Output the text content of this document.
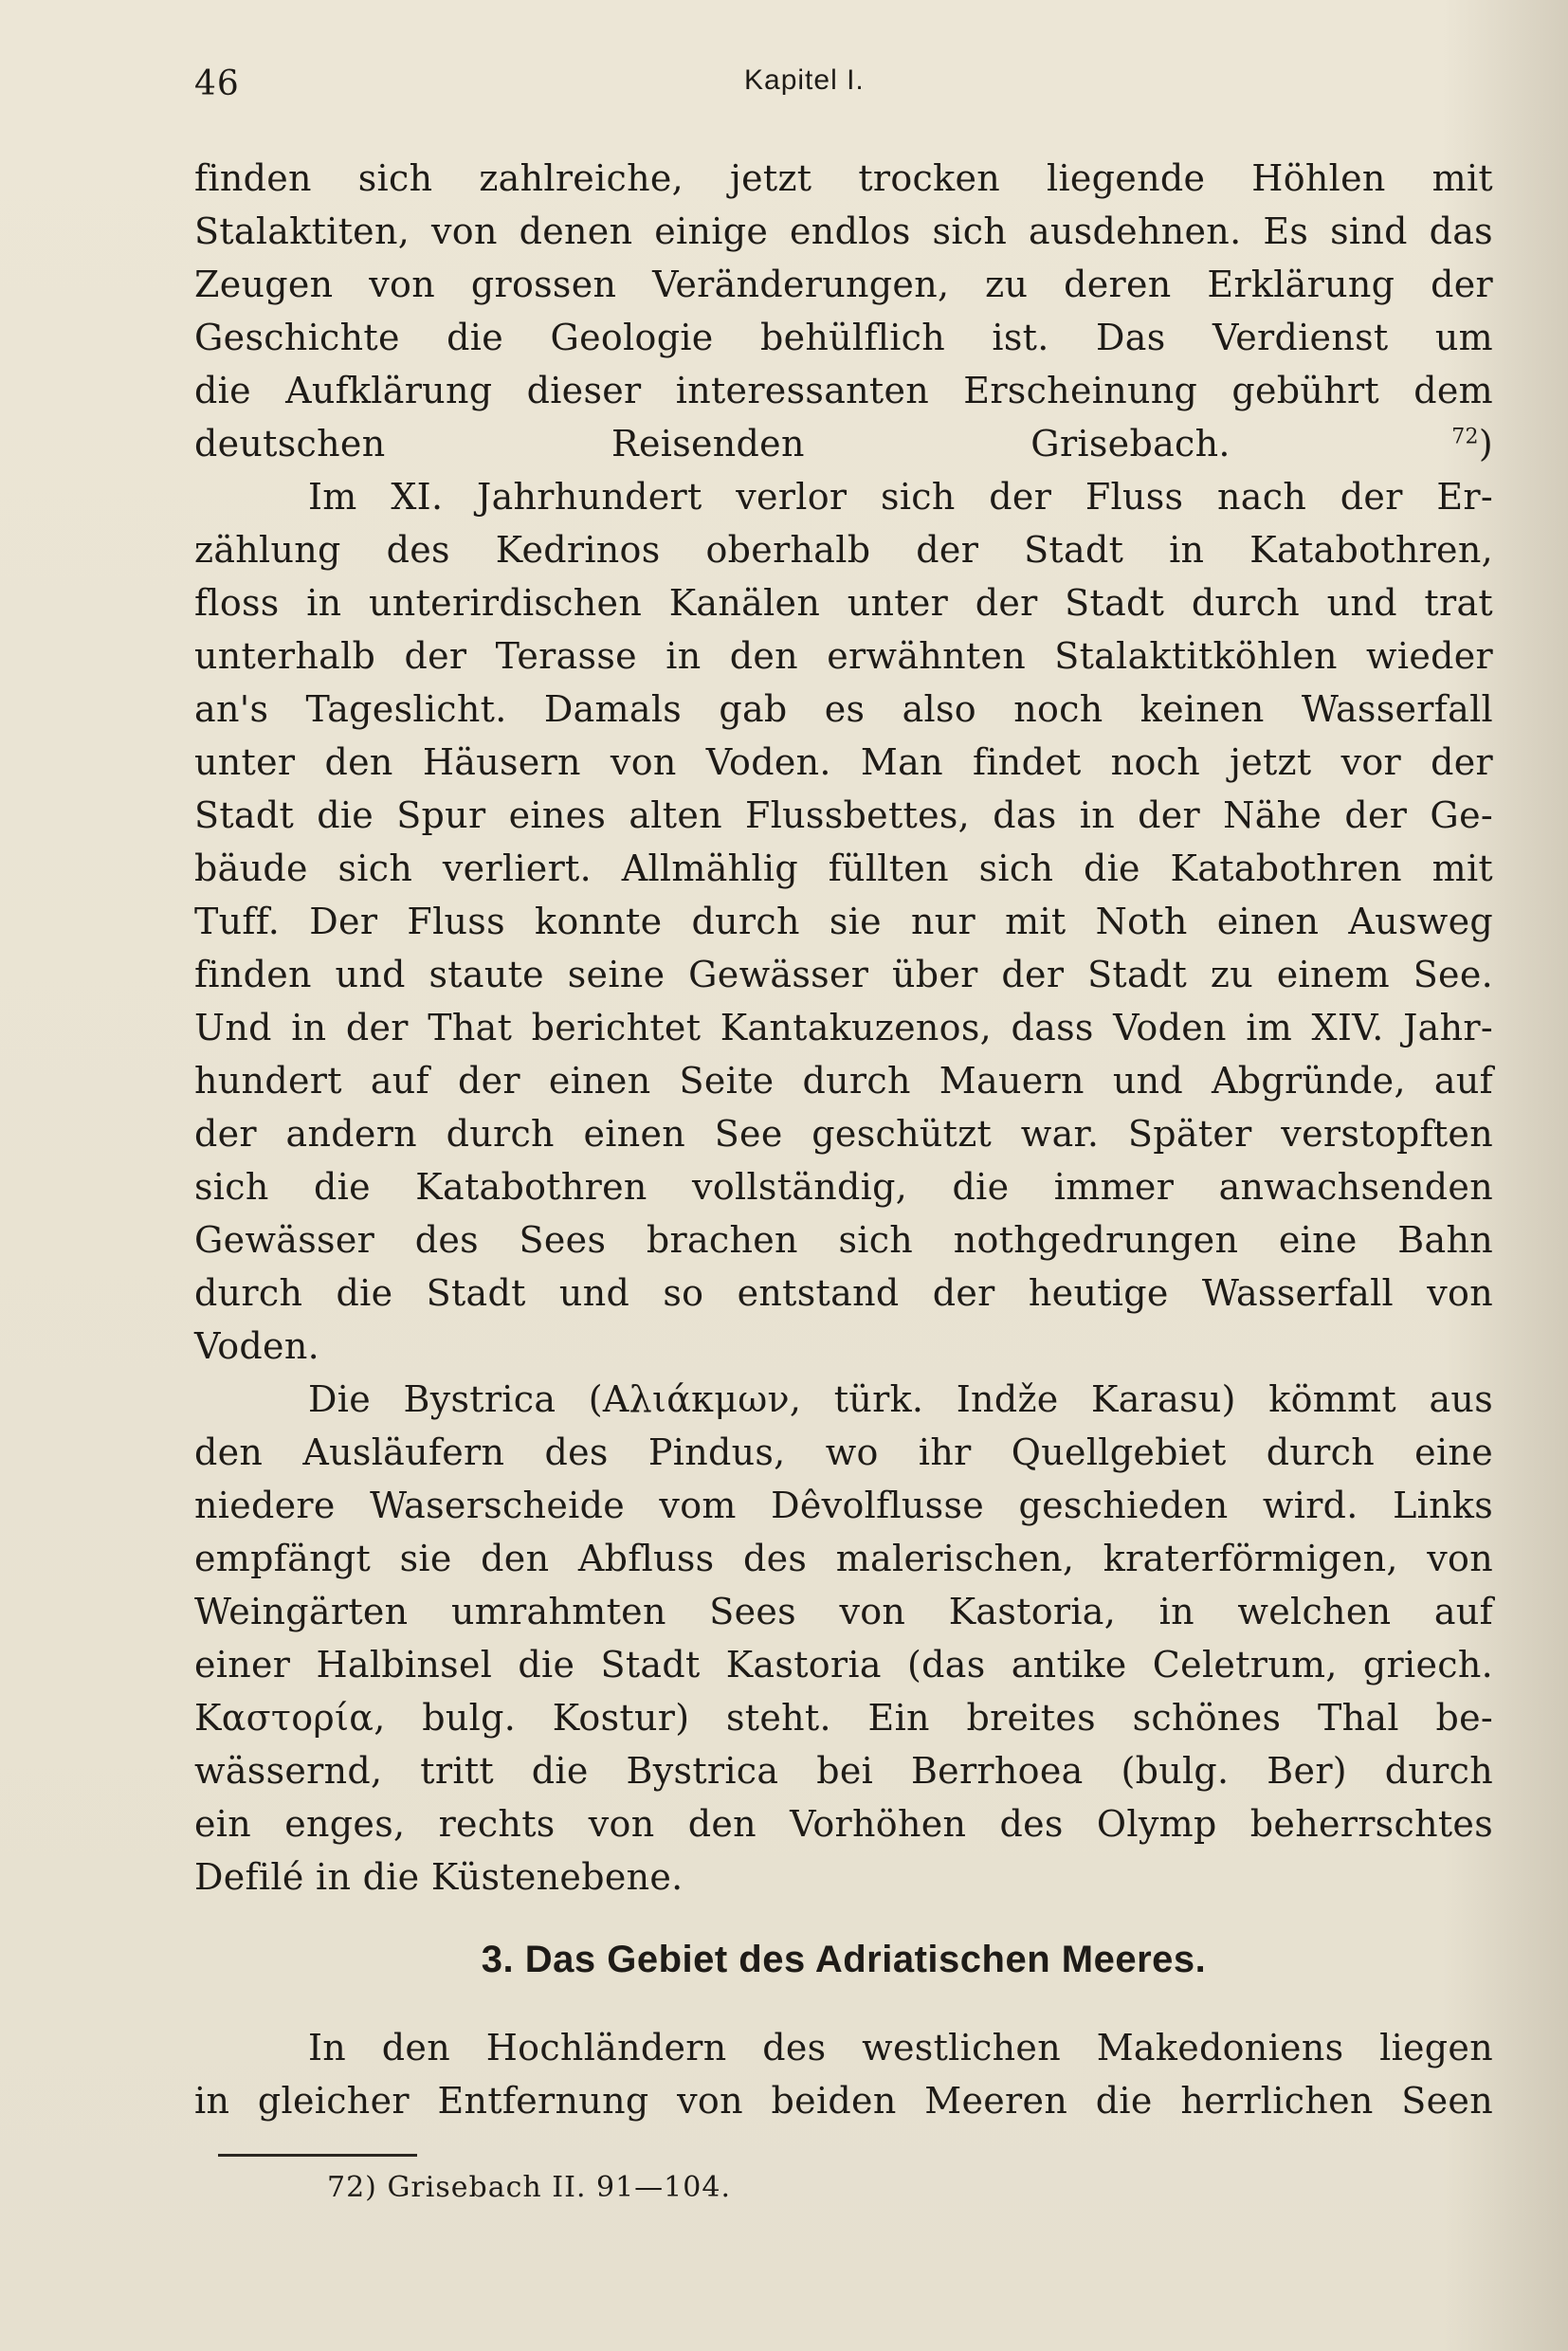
46	Kapitel I.
finden sich zahlreiche, jetzt trocken liegende Höhlen mit
Stalaktiten, von denen einige endlos sich ausdehnen. Es sind das
Zeugen von grossen Veränderungen, zu deren Erklärung der
Geschichte die Geologie behülflich ist. Das Verdienst um
die Aufklärung dieser interessanten Erscheinung gebührt dem
deutschen Reisenden Grisebach. $^{72}$)
Im XI. Jahrhundert verlor sich der Fluss nach der Er-
zählung des Kedrinos oberhalb der Stadt in Katabothren,
floss in unterirdischen Kanälen unter der Stadt durch und trat
unterhalb der Terasse in den erwähnten Stalaktitköhlen wieder
an's Tageslicht. Damals gab es also noch keinen Wasserfall
unter den Häusern von Voden. Man findet noch jetzt vor der
Stadt die Spur eines alten Flussbettes, das in der Nähe der Ge-
bäude sich verliert. Allmählig füllten sich die Katabothren mit
Tuff. Der Fluss konnte durch sie nur mit Noth einen Ausweg
finden und staute seine Gewässer über der Stadt zu einem See.
Und in der That berichtet Kantakuzenos, dass Voden im XIV. Jahr-
hundert auf der einen Seite durch Mauern und Abgründe, auf
der andern durch einen See geschützt war. Später verstopften
sich die Katabothren vollständig, die immer anwachsenden
Gewässer des Sees brachen sich nothgedrungen eine Bahn
durch die Stadt und so entstand der heutige Wasserfall von
Voden.
Die Bystrica (Αλιάκμων, türk. Indže Karasu) kömmt aus
den Ausläufern des Pindus, wo ihr Quellgebiet durch eine
niedere Waserscheide vom Dêvolflusse geschieden wird. Links
empfängt sie den Abfluss des malerischen, kraterförmigen, von
Weingärten umrahmten Sees von Kastoria, in welchen auf
einer Halbinsel die Stadt Kastoria (das antike Celetrum, griech.
Καστορία, bulg. Kostur) steht. Ein breites schönes Thal be-
wässernd, tritt die Bystrica bei Berrhoea (bulg. Ber) durch
ein enges, rechts von den Vorhöhen des Olymp beherrschtes
Defilé in die Küstenebene.
3. Das Gebiet des Adriatischen Meeres.
In den Hochländern des westlichen Makedoniens liegen
in gleicher Entfernung von beiden Meeren die herrlichen Seen
72) Grisebach II. 91—104.
